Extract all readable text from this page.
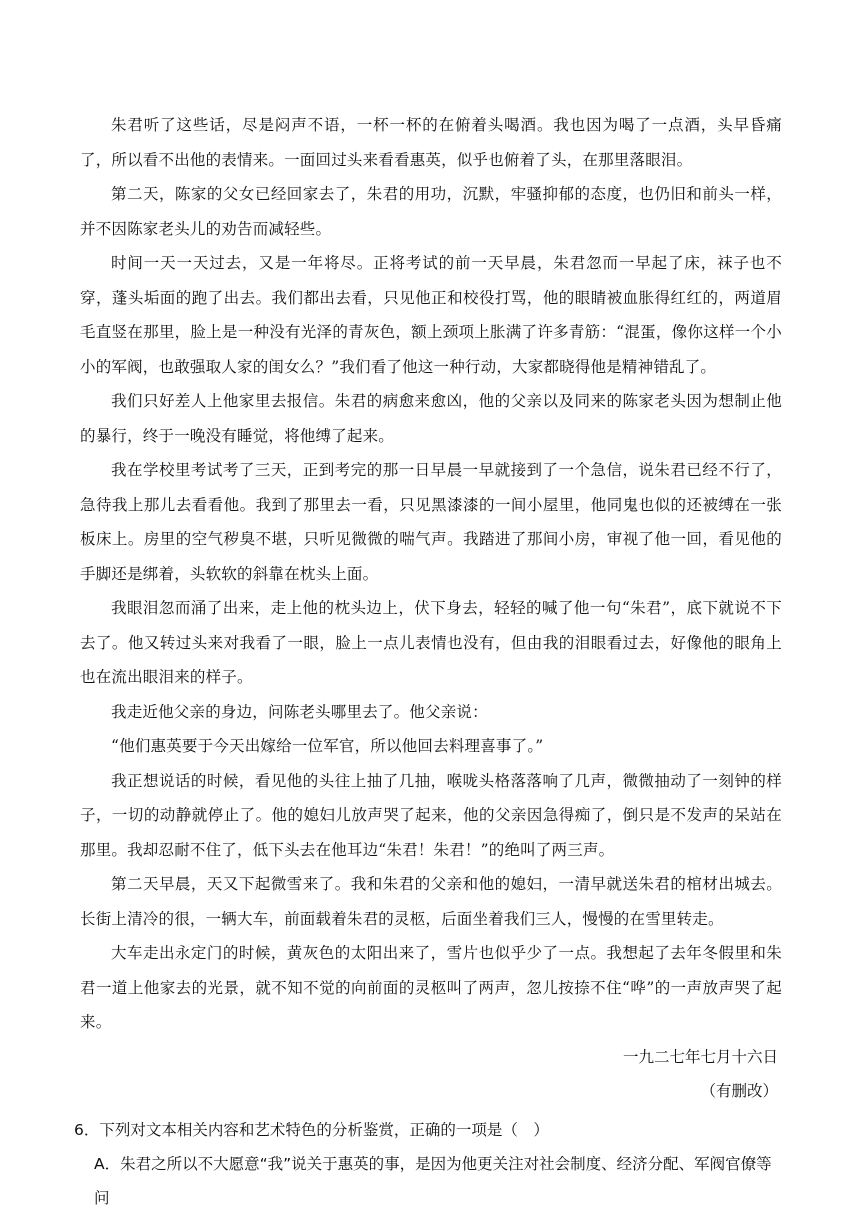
朱君听了这些话，尽是闷声不语，一杯一杯的在俯着头喝酒。我也因为喝了一点酒，头早昏痛了，所以看不出他的表情来。一面回过头来看看惠英，似乎也俯着了头，在那里落眼泪。

第二天，陈家的父女已经回家去了，朱君的用功，沉默，牢骚抑郁的态度，也仍旧和前头一样，并不因陈家老头儿的劝告而减轻些。

时间一天一天过去，又是一年将尽。正将考试的前一天早晨，朱君忽而一早起了床，袜子也不穿，蓬头垢面的跑了出去。我们都出去看，只见他正和校役打骂，他的眼睛被血胀得红红的，两道眉毛直竖在那里，脸上是一种没有光泽的青灰色，额上颈项上胀满了许多青筋：“混蛋，像你这样一个小小的军阀，也敢强取人家的闺女么？”我们看了他这一种行动，大家都晓得他是精神错乱了。

我们只好差人上他家里去报信。朱君的病愈来愈凶，他的父亲以及同来的陈家老头因为想制止他的暴行，终于一晚没有睡觉，将他缚了起来。

我在学校里考试考了三天，正到考完的那一日早晨一早就接到了一个急信，说朱君已经不行了，急待我上那儿去看看他。我到了那里去一看，只见黑漆漆的一间小屋里，他同鬼也似的还被缚在一张板床上。房里的空气秽臭不堪，只听见微微的喘气声。我踏进了那间小房，审视了他一回，看见他的手脚还是绑着，头软软的斜靠在枕头上面。

我眼泪忽而涌了出来，走上他的枕头边上，伏下身去，轻轻的喊了他一句“朱君”，底下就说不下去了。他又转过头来对我看了一眼，脸上一点儿表情也没有，但由我的泪眼看过去，好像他的眼角上也在流出眼泪来的样子。

我走近他父亲的身边，问陈老头哪里去了。他父亲说：

“他们惠英要于今天出嫁给一位军官，所以他回去料理喜事了。”

我正想说话的时候，看见他的头往上抽了几抽，喉咙头格落落响了几声，微微抽动了一刻钟的样子，一切的动静就停止了。他的媳妇儿放声哭了起来，他的父亲因急得痴了，倒只是不发声的呆站在那里。我却忍耐不住了，低下头去在他耳边“朱君！朱君！”的绝叫了两三声。

第二天早晨，天又下起微雪来了。我和朱君的父亲和他的媳妇，一清早就送朱君的棺材出城去。长街上清冷的很，一辆大车，前面载着朱君的灵柩，后面坐着我们三人，慢慢的在雪里转走。

大车走出永定门的时候，黄灰色的太阳出来了，雪片也似乎少了一点。我想起了去年冬假里和朱君一道上他家去的光景，就不知不觉的向前面的灵柩叫了两声，忽儿按捺不住“哗”的一声放声哭了起来。

一九二七年七月十六日

（有删改）

6．下列对文本相关内容和艺术特色的分析鉴赏，正确的一项是（　）

A．朱君之所以不大愿意“我”说关于惠英的事，是因为他更关注对社会制度、经济分配、军阀官僚等问
